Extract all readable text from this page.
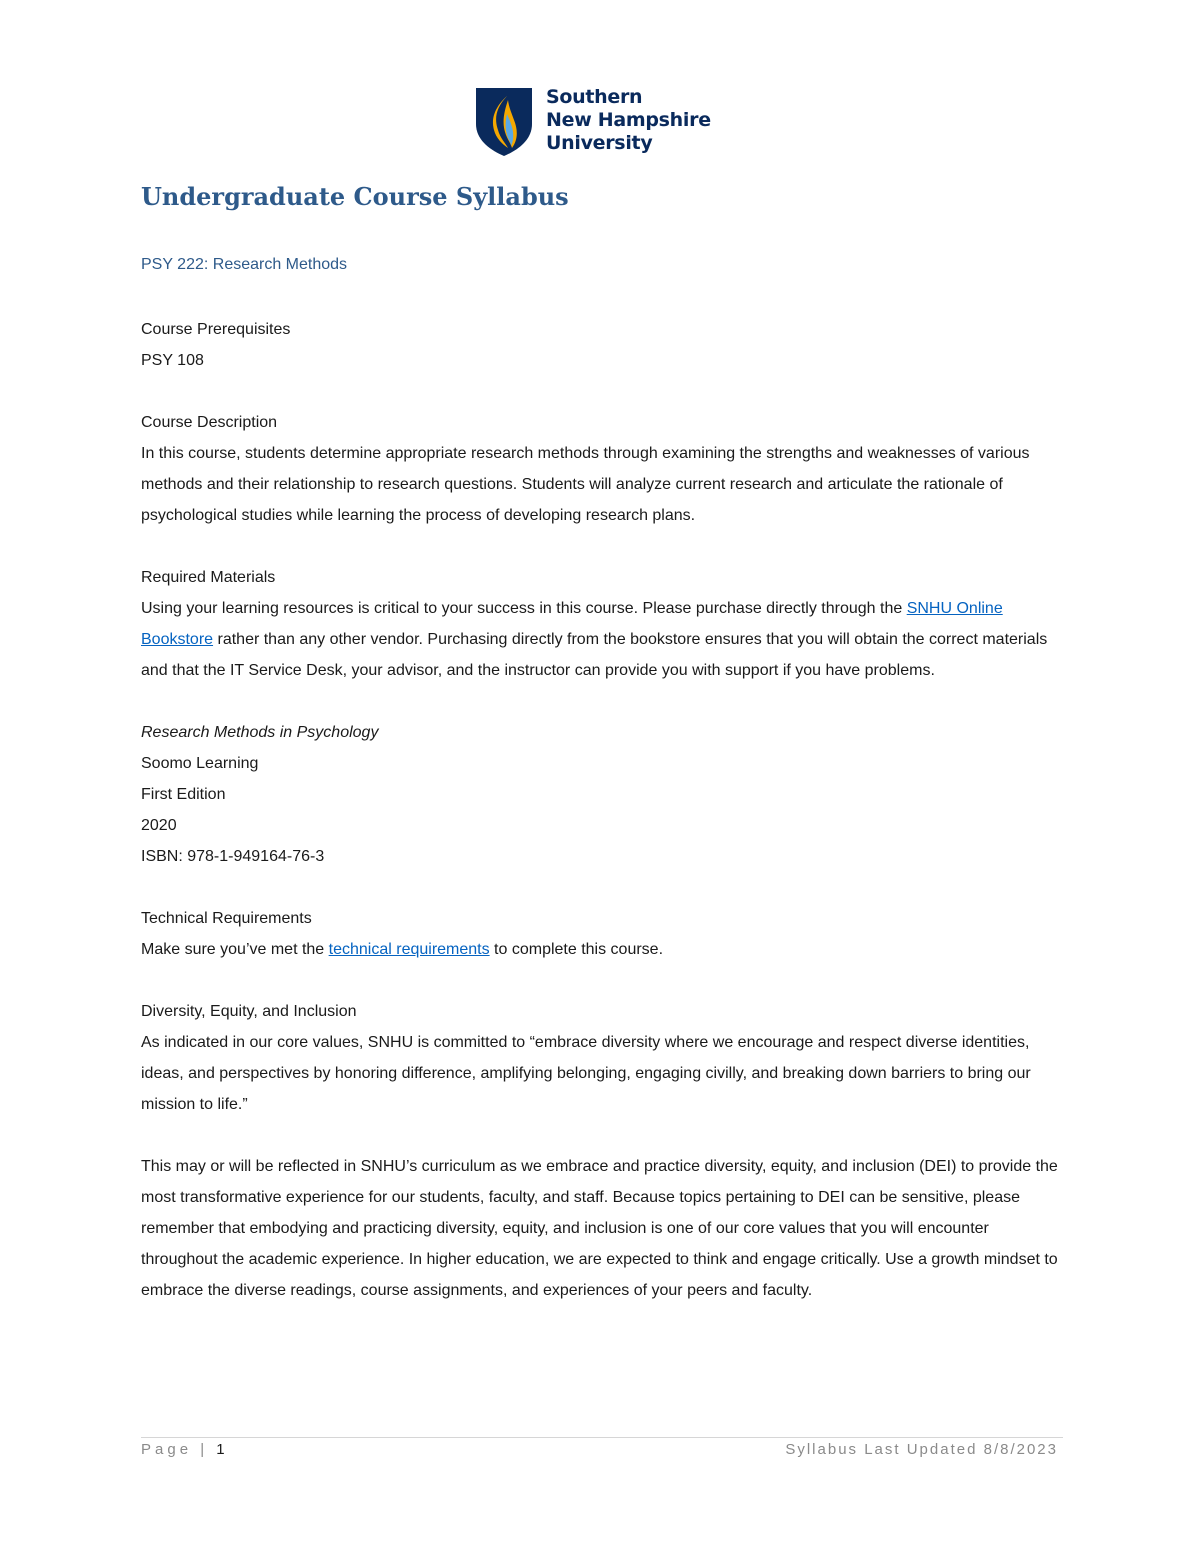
Southern
New Hampshire
University
Undergraduate Course Syllabus

PSY 222: Research Methods

Course Prerequisites

PSY 108

Course Description

In this course, students determine appropriate research methods through examining the strengths and weaknesses of various methods and their relationship to research questions. Students will analyze current research and articulate the rationale of psychological studies while learning the process of developing research plans.

Required Materials

Using your learning resources is critical to your success in this course. Please purchase directly through the SNHU Online Bookstore rather than any other vendor. Purchasing directly from the bookstore ensures that you will obtain the correct materials and that the IT Service Desk, your advisor, and the instructor can provide you with support if you have problems.

Research Methods in Psychology

Soomo Learning

First Edition

2020

ISBN: 978-1-949164-76-3

Technical Requirements

Make sure you’ve met the technical requirements to complete this course.

Diversity, Equity, and Inclusion

As indicated in our core values, SNHU is committed to “embrace diversity where we encourage and respect diverse identities, ideas, and perspectives by honoring difference, amplifying belonging, engaging civilly, and breaking down barriers to bring our mission to life.”

This may or will be reflected in SNHU’s curriculum as we embrace and practice diversity, equity, and inclusion (DEI) to provide the most transformative experience for our students, faculty, and staff. Because topics pertaining to DEI can be sensitive, please remember that embodying and practicing diversity, equity, and inclusion is one of our core values that you will encounter throughout the academic experience. In higher education, we are expected to think and engage critically. Use a growth mindset to embrace the diverse readings, course assignments, and experiences of your peers and faculty.

Page | 1	Syllabus Last Updated 8/8/2023
